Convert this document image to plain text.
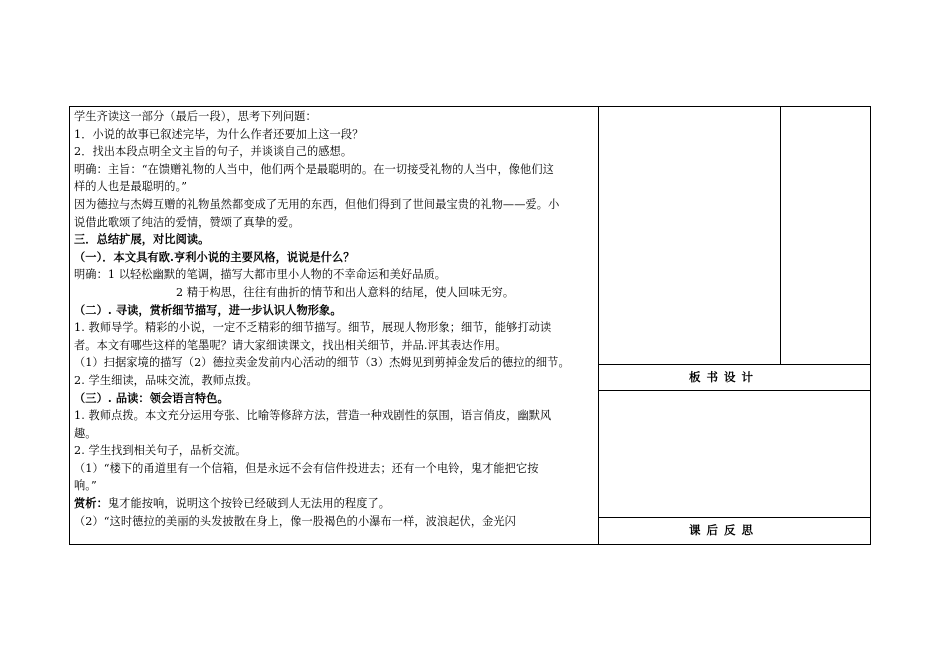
学生齐读这一部分（最后一段），思考下列问题：
1．小说的故事已叙述完毕，为什么作者还要加上这一段？
2．找出本段点明全文主旨的句子，并谈谈自己的感想。
明确：主旨：“在馈赠礼物的人当中，他们两个是最聪明的。在一切接受礼物的人当中，像他们这
样的人也是最聪明的。”
因为德拉与杰姆互赠的礼物虽然都变成了无用的东西，但他们得到了世间最宝贵的礼物——爱。小
说借此歌颂了纯洁的爱情，赞颂了真挚的爱。
三．总结扩展，对比阅读。
（一）．本文具有欧.亨利小说的主要风格，说说是什么？
明确：1 以轻松幽默的笔调，描写大都市里小人物的不幸命运和美好品质。
2 精于构思，往往有曲折的情节和出人意料的结尾，使人回味无穷。
（二）. 寻读，赏析细节描写，进一步认识人物形象。
1. 教师导学。精彩的小说，一定不乏精彩的细节描写。细节，展现人物形象；细节，能够打动读
者。本文有哪些这样的笔墨呢？请大家细读课文，找出相关细节，并品.评其表达作用。
（1）扫据家境的描写（2）德拉卖金发前内心活动的细节（3）杰姆见到剪掉金发后的德拉的细节。
2. 学生细读，品味交流，教师点拨。
（三）. 品读：领会语言特色。
1. 教师点拨。本文充分运用夸张、比喻等修辞方法，营造一种戏剧性的氛围，语言俏皮，幽默风
趣。
2. 学生找到相关句子，品析交流。
（1）“楼下的甬道里有一个信箱，但是永远不会有信件投进去；还有一个电铃，鬼才能把它按
响。”
赏析：鬼才能按响，说明这个按铃已经破到人无法用的程度了。
（2）“这时德拉的美丽的头发披散在身上，像一股褐色的小瀑布一样，波浪起伏，金光闪
板 书 设 计
课 后 反 思
